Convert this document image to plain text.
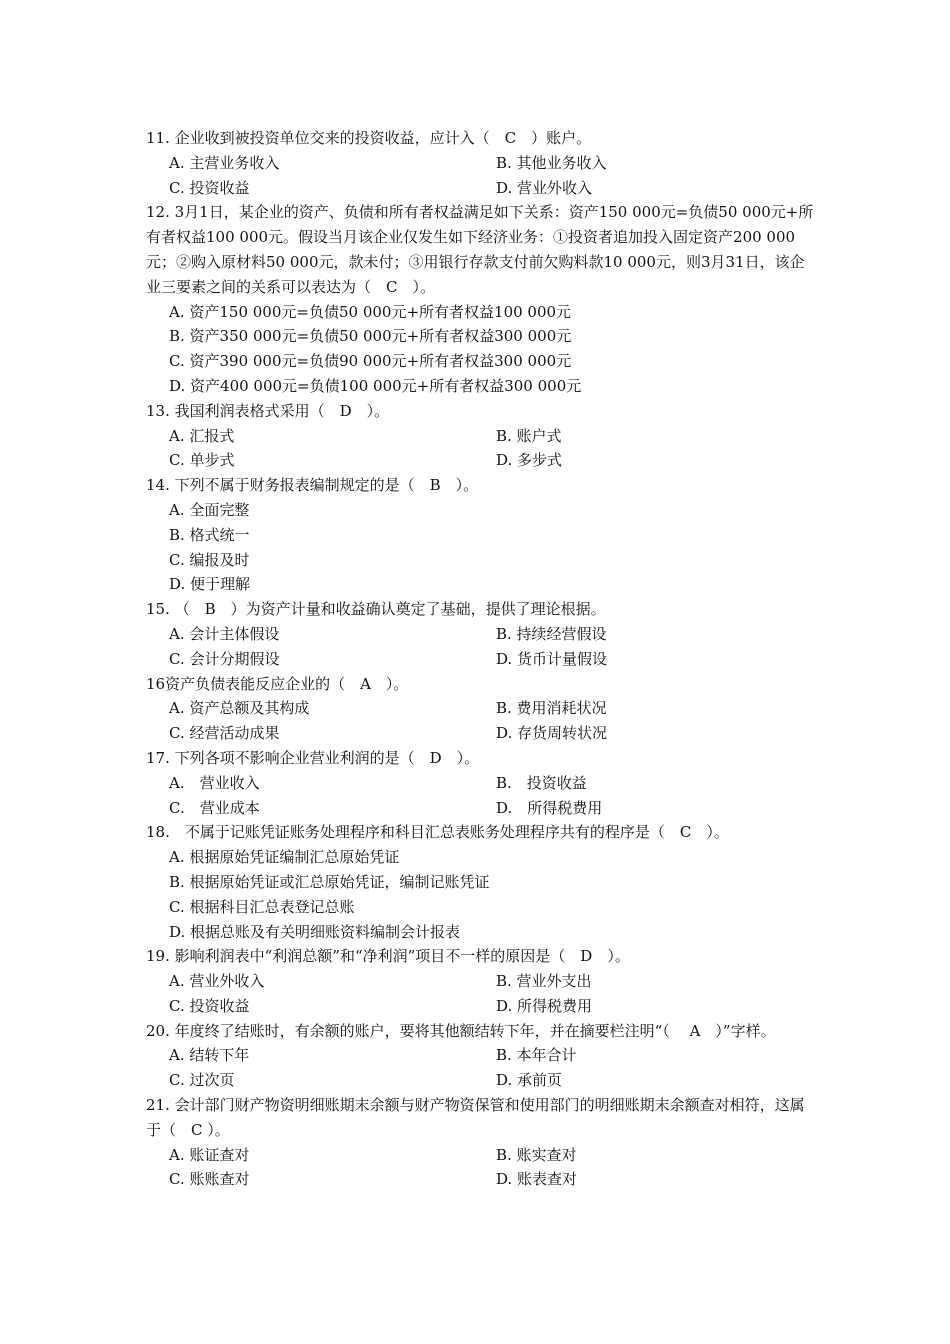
11. 企业收到被投资单位交来的投资收益，应计入（　C　）账户。

A. 主营业务收入	B. 其他业务收入
C. 投资收益	D. 营业外收入

12. 3月1日，某企业的资产、负债和所有者权益满足如下关系：资产150 000元=负债50 000元+所有者权益100 000元。假设当月该企业仅发生如下经济业务：①投资者追加投入固定资产200 000元；②购入原材料50 000元，款未付；③用银行存款支付前欠购料款10 000元，则3月31日，该企业三要素之间的关系可以表达为（　C　）。

A. 资产150 000元=负债50 000元+所有者权益100 000元
B. 资产350 000元=负债50 000元+所有者权益300 000元
C. 资产390 000元=负债90 000元+所有者权益300 000元
D. 资产400 000元=负债100 000元+所有者权益300 000元

13. 我国利润表格式采用（　D　）。

A. 汇报式	B. 账户式
C. 单步式	D. 多步式

14. 下列不属于财务报表编制规定的是（　B　）。

A. 全面完整
B. 格式统一
C. 编报及时
D. 便于理解

15. （　B　）为资产计量和收益确认奠定了基础，提供了理论根据。

A. 会计主体假设	B. 持续经营假设
C. 会计分期假设	D. 货币计量假设

16资产负债表能反应企业的（　A　）。

A. 资产总额及其构成	B. 费用消耗状况
C. 经营活动成果	D. 存货周转状况

17. 下列各项不影响企业营业利润的是（　D　）。

A.　营业收入	B.　投资收益
C.　营业成本	D.　所得税费用

18.　不属于记账凭证账务处理程序和科目汇总表账务处理程序共有的程序是（　C　）。

A. 根据原始凭证编制汇总原始凭证
B. 根据原始凭证或汇总原始凭证，编制记账凭证
C. 根据科目汇总表登记总账
D. 根据总账及有关明细账资料编制会计报表

19. 影响利润表中“利润总额”和“净利润”项目不一样的原因是（　D　）。

A. 营业外收入	B. 营业外支出
C. 投资收益	D. 所得税费用

20. 年度终了结账时，有余额的账户，要将其他额结转下年，并在摘要栏注明“（　 A　）”字样。

A. 结转下年	B. 本年合计
C. 过次页	D. 承前页

21. 会计部门财产物资明细账期末余额与财产物资保管和使用部门的明细账期末余额查对相符，这属于（　C ）。

A. 账证查对	B. 账实查对
C. 账账查对	D. 账表查对
